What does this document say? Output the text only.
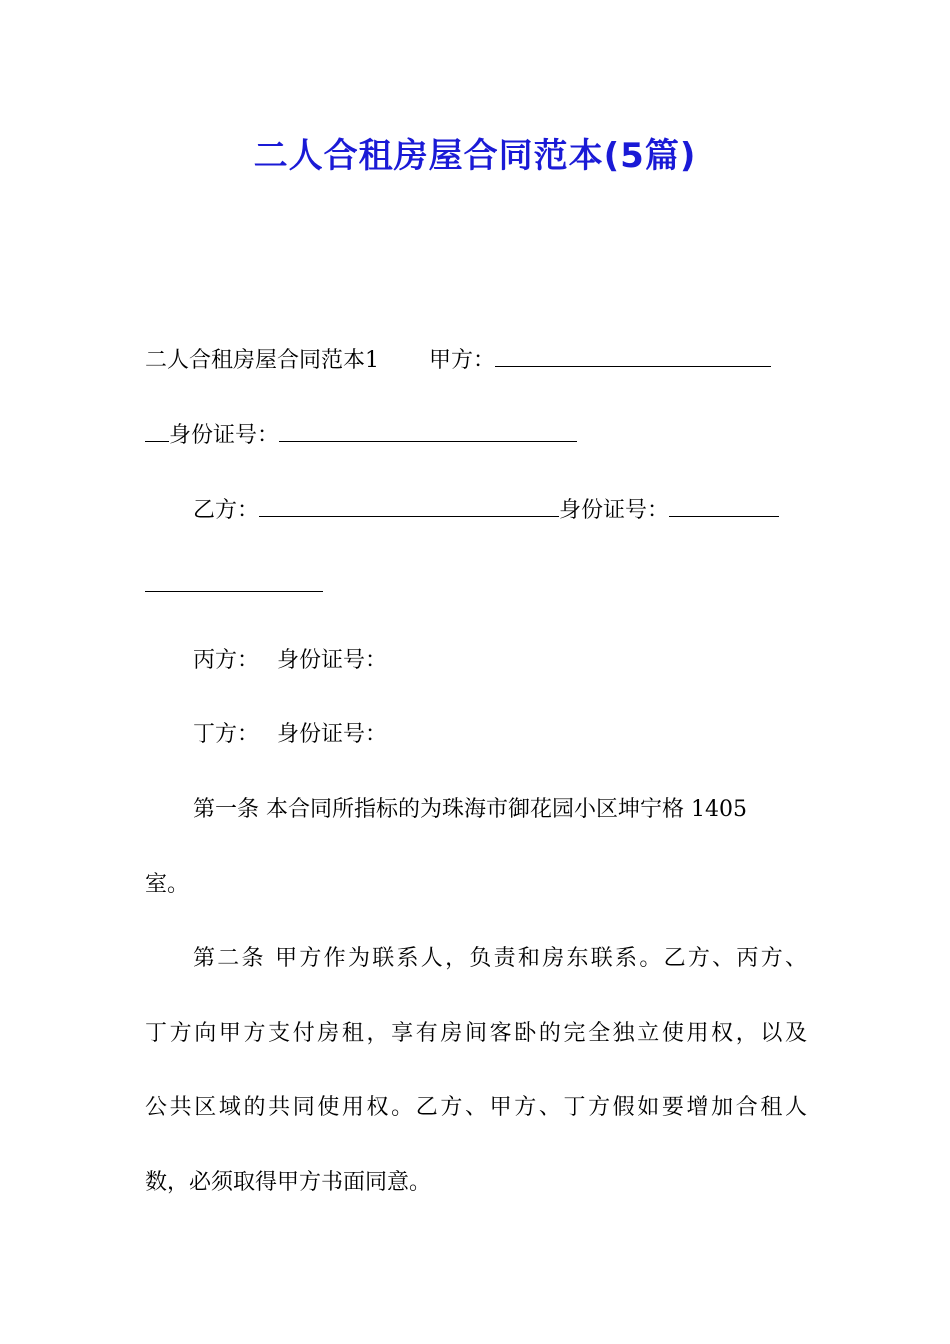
二人合租房屋合同范本(5篇)
二人合租房屋合同范本1 甲方：
身份证号：
乙方：	身份证号：
丙方： 身份证号：
丁方： 身份证号：
第一条 本合同所指标的为珠海市御花园小区坤宁格 1405
室。
第二条 甲方作为联系人，负责和房东联系。乙方、丙方、
丁方向甲方支付房租，享有房间客卧的完全独立使用权，以及
公共区域的共同使用权。乙方、甲方、丁方假如要增加合租人
数，必须取得甲方书面同意。
